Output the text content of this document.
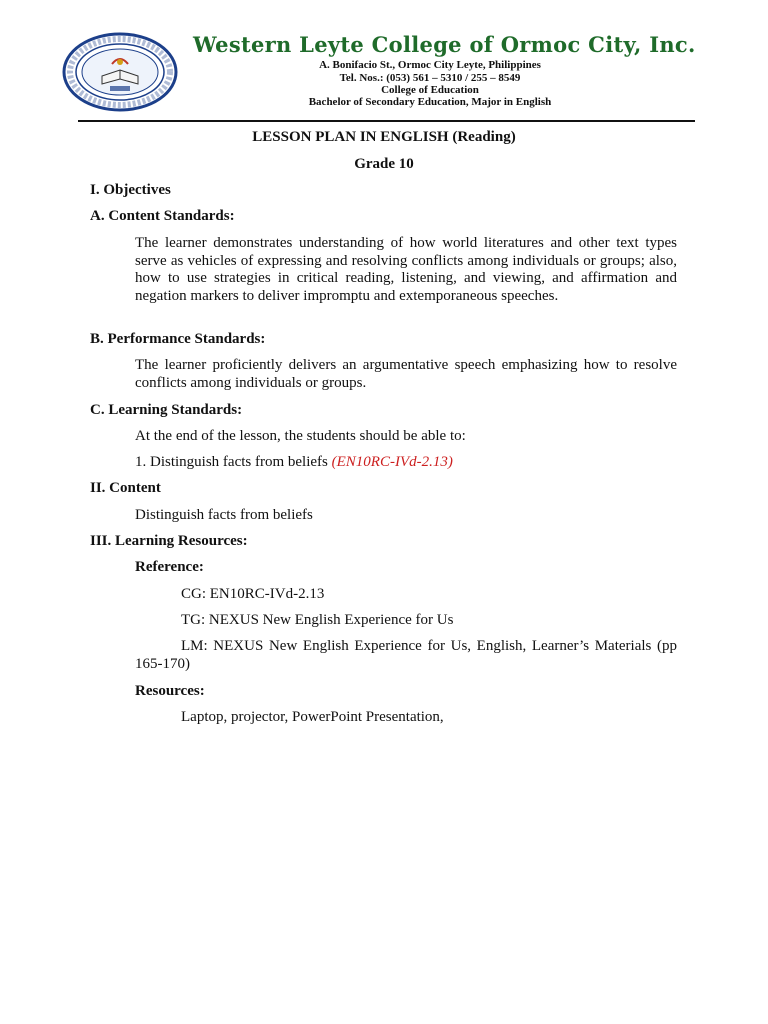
Western Leyte College of Ormoc City, Inc.
A. Bonifacio St., Ormoc City Leyte, Philippines
Tel. Nos.: (053) 561 – 5310 / 255 – 8549
College of Education
Bachelor of Secondary Education, Major in English
LESSON PLAN IN ENGLISH (Reading)
Grade 10
I. Objectives
A. Content Standards:
The learner demonstrates understanding of how world literatures and other text types serve as vehicles of expressing and resolving conflicts among individuals or groups; also, how to use strategies in critical reading, listening, and viewing, and affirmation and negation markers to deliver impromptu and extemporaneous speeches.
B. Performance Standards:
The learner proficiently delivers an argumentative speech emphasizing how to resolve conflicts among individuals or groups.
C. Learning Standards:
At the end of the lesson, the students should be able to:
1. Distinguish facts from beliefs (EN10RC-IVd-2.13)
II. Content
Distinguish facts from beliefs
III. Learning Resources:
Reference:
CG: EN10RC-IVd-2.13
TG: NEXUS New English Experience for Us
LM: NEXUS New English Experience for Us, English, Learner’s Materials (pp 165-170)
Resources:
Laptop, projector, PowerPoint Presentation,
